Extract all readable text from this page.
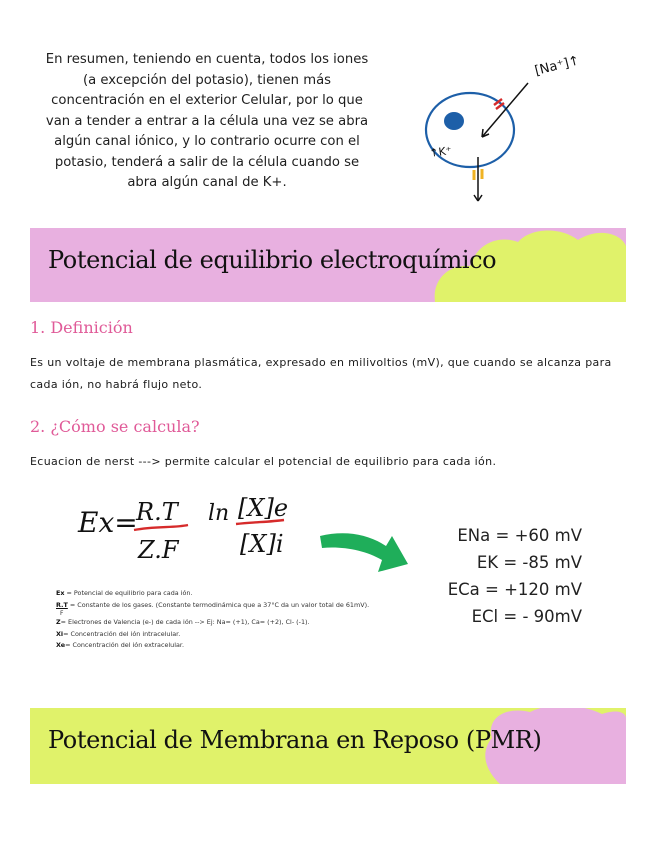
En resumen, teniendo en cuenta, todos los iones (a excepción del potasio), tienen más concentración en el exterior Celular, por lo que van a tender a entrar a la célula una vez se abra algún canal iónico, y lo contrario ocurre con el potasio, tenderá a salir de la célula cuando se abra algún canal de K+.
[Na⁺]↑
↑K⁺
Potencial de equilibrio electroquímico
1. Definición
Es un voltaje de membrana plasmática, expresado en milivoltios (mV), que cuando se alcanza para cada ión, no habrá flujo neto.
2. ¿Cómo se calcula?
Ecuacion de nerst ---> permite calcular el potencial de equilibrio para cada ión.
Ex=
R.T
Z.F
ln [X]e
[X]i	ENa = +60 mV
EK = -85 mV
ECa = +120 mV
ECl = - 90mV
Ex = Potencial de equilibrio para cada ión.
R.T = Constante de los gases. (Constante termodinámica que a 37°C da un valor total de 61mV).
F
Z= Electrones de Valencia (e-) de cada ión --> Ej: Na= (+1), Ca= (+2), Cl- (-1).
Xi= Concentración del ión intracelular.
Xe= Concentración del ión extracelular.
Potencial de Membrana en Reposo (PMR)
